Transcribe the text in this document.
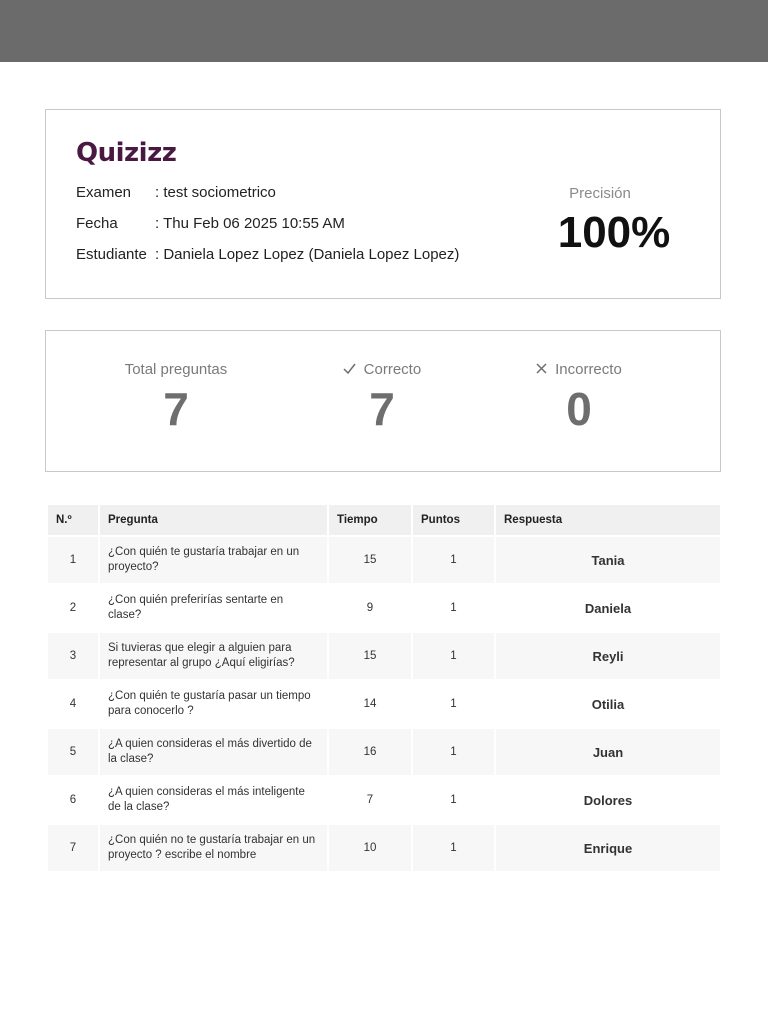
Quizizz
Examen : test sociometrico
Fecha : Thu Feb 06 2025 10:55 AM
Estudiante : Daniela Lopez Lopez (Daniela Lopez Lopez)
Precisión
100%
Total preguntas
7
Correcto
7
Incorrecto
0
N.º	Pregunta	Tiempo	Puntos	Respuesta
1	¿Con quién te gustaría trabajar en un proyecto?	15	1	Tania
2	¿Con quién preferirías sentarte en clase?	9	1	Daniela
3	Si tuvieras que elegir a alguien para representar al grupo ¿Aquí eligirías?	15	1	Reyli
4	¿Con quién te gustaría pasar un tiempo para conocerlo ?	14	1	Otilia
5	¿A quien consideras el más divertido de la clase?	16	1	Juan
6	¿A quien consideras el más inteligente de la clase?	7	1	Dolores
7	¿Con quién no te gustaría trabajar en un proyecto ? escribe el nombre	10	1	Enrique
